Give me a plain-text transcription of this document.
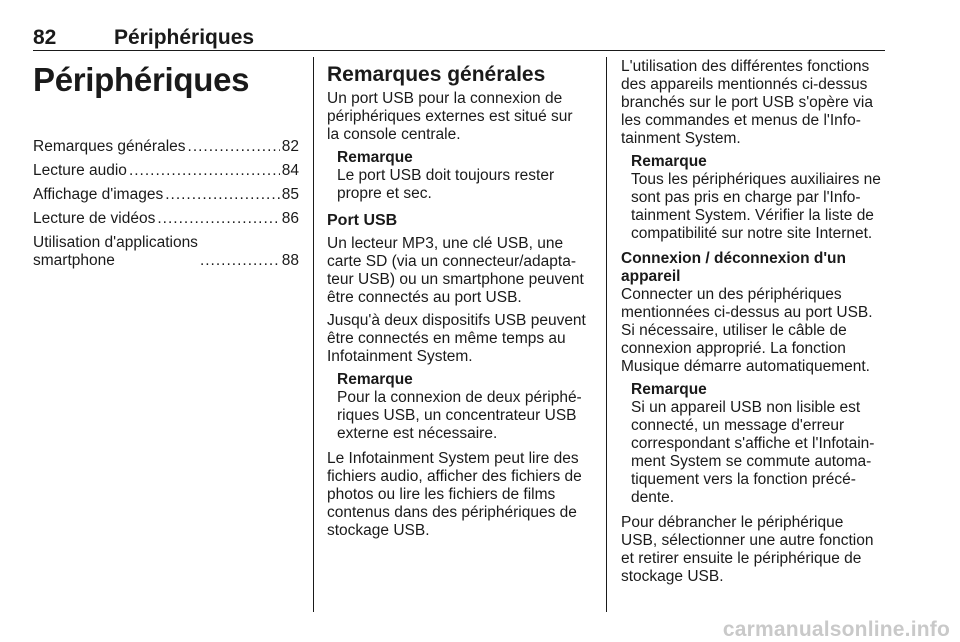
82	Périphériques
Périphériques
Remarques générales .....	82
Lecture audio .....	84
Affichage d'images .....	85
Lecture de vidéos .....	86
Utilisation d'applications
smartphone .....	88
Remarques générales

Un port USB pour la connexion de
périphériques externes est situé sur
la console centrale.

Remarque
Le port USB doit toujours rester
propre et sec.
Port USB

Un lecteur MP3, une clé USB, une
carte SD (via un connecteur/adapta-
teur USB) ou un smartphone peuvent
être connectés au port USB.

Jusqu'à deux dispositifs USB peuvent
être connectés en même temps au
Infotainment System.

Remarque
Pour la connexion de deux périphé-
riques USB, un concentrateur USB
externe est nécessaire.

Le Infotainment System peut lire des
fichiers audio, afficher des fichiers de
photos ou lire les fichiers de films
contenus dans des périphériques de
stockage USB.

L'utilisation des différentes fonctions
des appareils mentionnés ci-dessus
branchés sur le port USB s'opère via
les commandes et menus de l'Info-
tainment System.

Remarque
Tous les périphériques auxiliaires ne
sont pas pris en charge par l'Info-
tainment System. Vérifier la liste de
compatibilité sur notre site Internet.
Connexion / déconnexion d'un
appareil

Connecter un des périphériques
mentionnées ci-dessus au port USB.
Si nécessaire, utiliser le câble de
connexion approprié. La fonction
Musique démarre automatiquement.

Remarque
Si un appareil USB non lisible est
connecté, un message d'erreur
correspondant s'affiche et l'Infotain-
ment System se commute automa-
tiquement vers la fonction précé-
dente.

Pour débrancher le périphérique
USB, sélectionner une autre fonction
et retirer ensuite le périphérique de
stockage USB.

carmanualsonline.info
